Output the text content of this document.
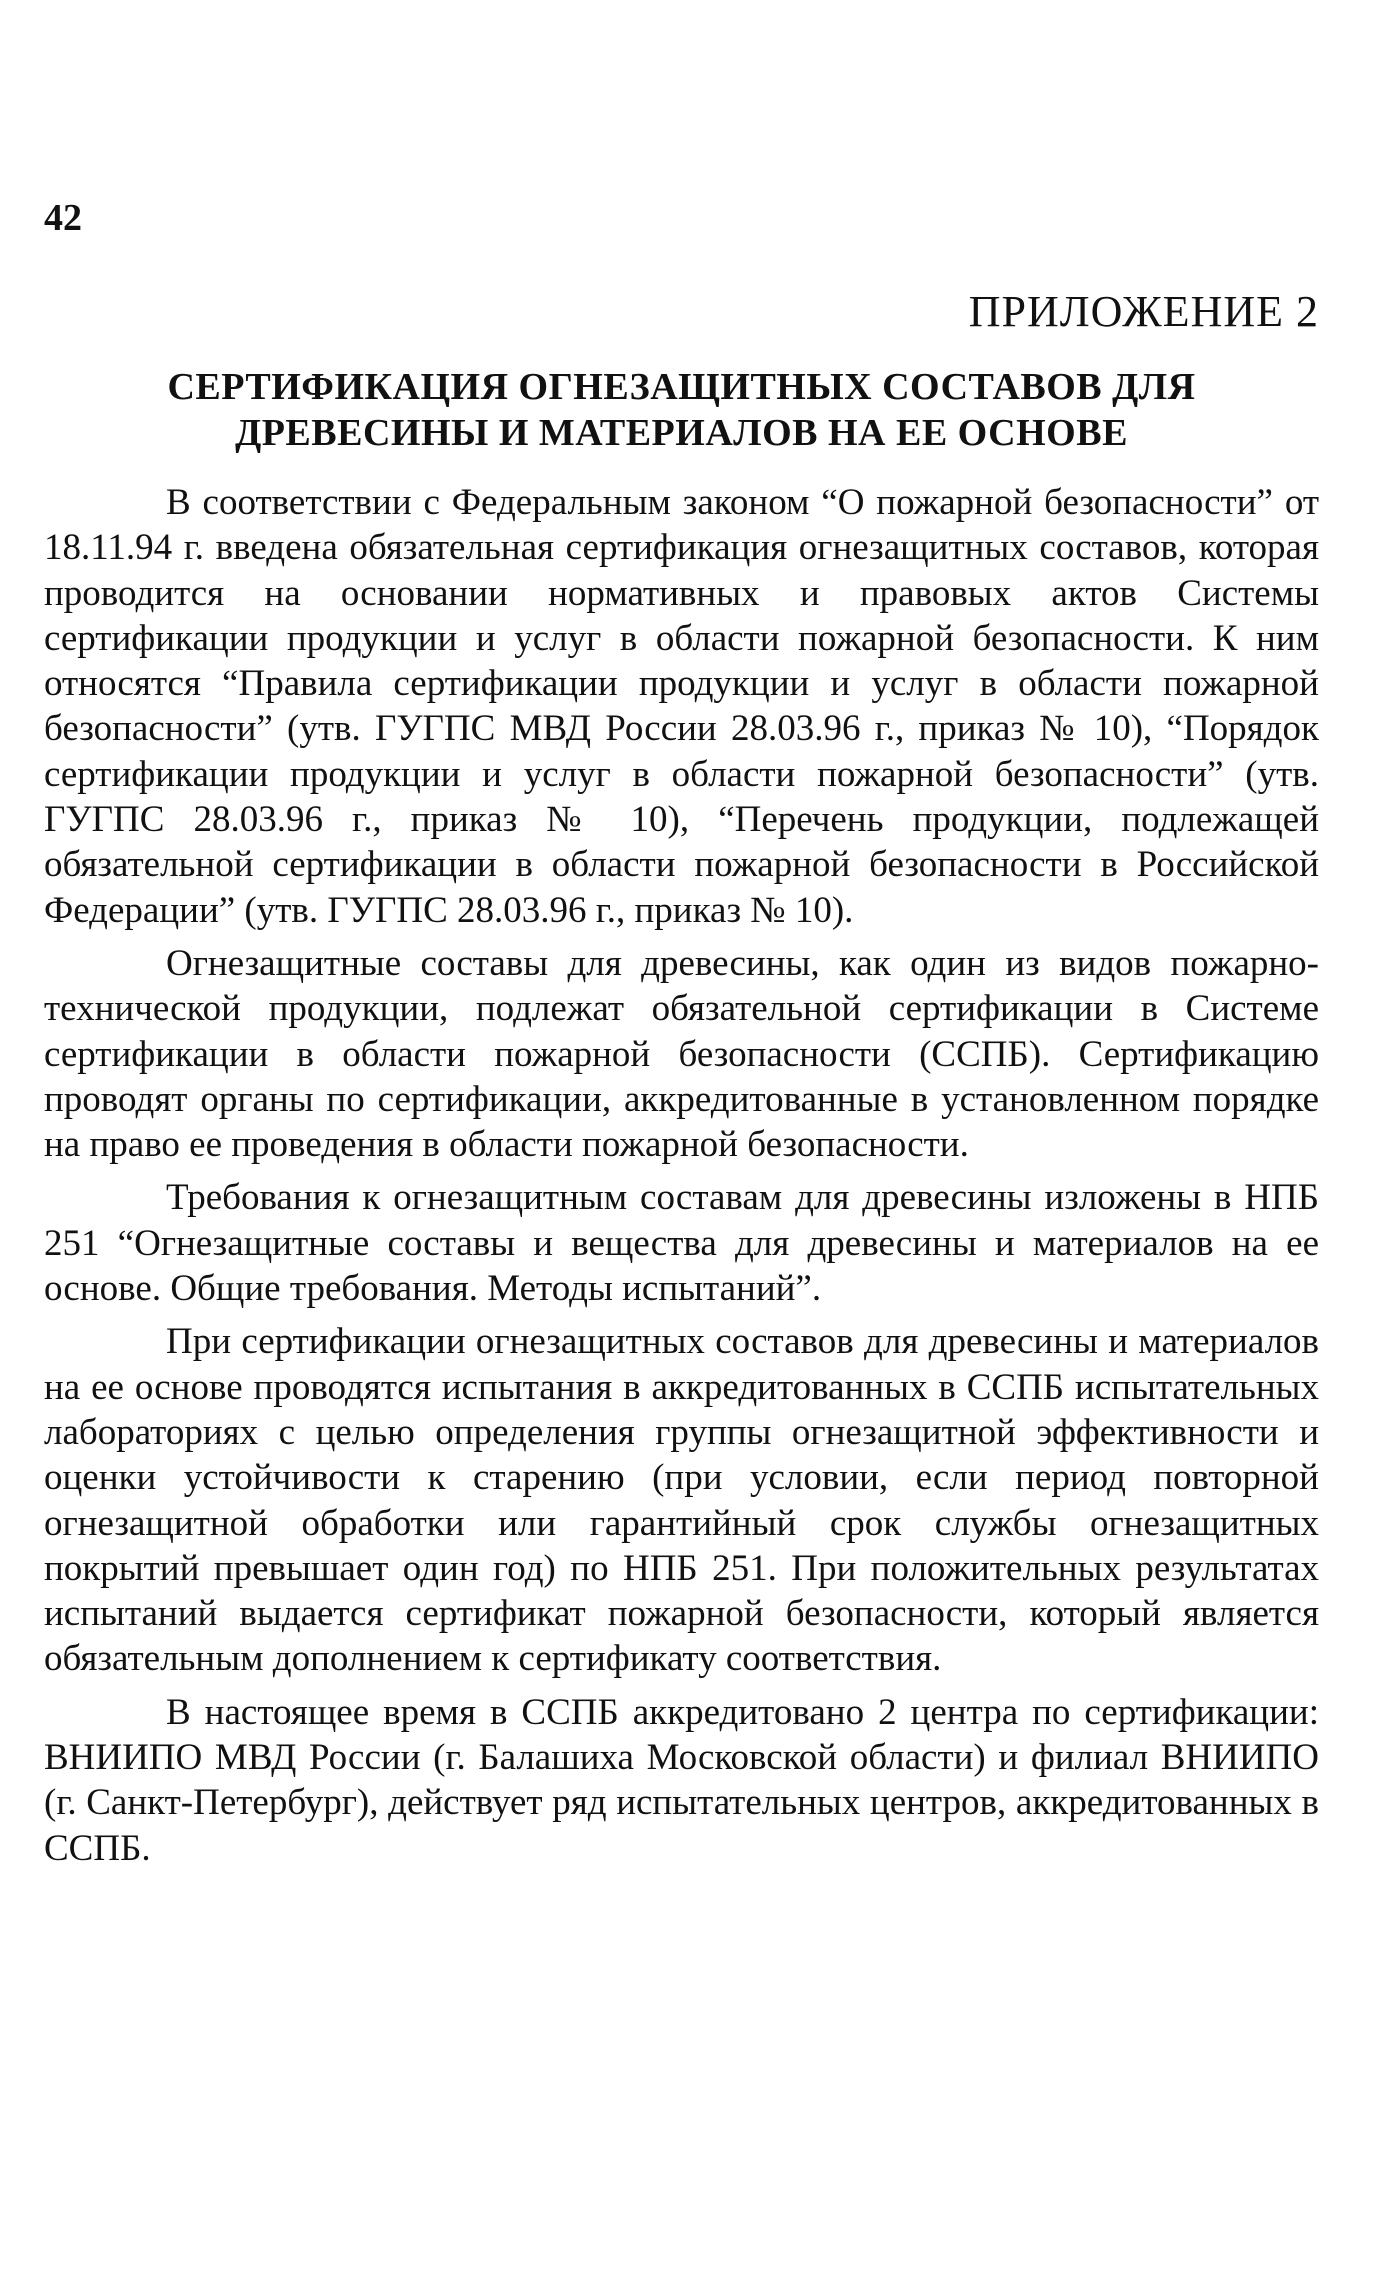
42
ПРИЛОЖЕНИЕ 2
СЕРТИФИКАЦИЯ ОГНЕЗАЩИТНЫХ СОСТАВОВ ДЛЯ
ДРЕВЕСИНЫ И МАТЕРИАЛОВ НА ЕЕ ОСНОВЕ

В соответствии с Федеральным законом “О пожарной безопасности” от 18.11.94 г. введена обязательная сертификация огнезащитных составов, которая проводится на основании нормативных и правовых актов Системы сертификации продукции и услуг в области пожарной безопасности. К ним относятся “Правила сертификации продукции и услуг в области пожарной безопасности” (утв. ГУГПС МВД России 28.03.96 г., приказ № 10), “Порядок сертификации продукции и услуг в области пожарной безопасности” (утв. ГУГПС 28.03.96 г., приказ № 10), “Перечень продукции, подлежащей обязательной сертификации в области пожарной безопасности в Российской Федерации” (утв. ГУГПС 28.03.96 г., приказ № 10).

Огнезащитные составы для древесины, как один из видов пожарно-технической продукции, подлежат обязательной сертификации в Системе сертификации в области пожарной безопасности (ССПБ). Сертификацию проводят органы по сертификации, аккредитованные в установленном порядке на право ее проведения в области пожарной безопасности.

Требования к огнезащитным составам для древесины изложены в НПБ 251 “Огнезащитные составы и вещества для древесины и материалов на ее основе. Общие требования. Методы испытаний”.

При сертификации огнезащитных составов для древесины и материалов на ее основе проводятся испытания в аккредитованных в ССПБ испытательных лабораториях с целью определения группы огнезащитной эффективности и оценки устойчивости к старению (при условии, если период повторной огнезащитной обработки или гарантийный срок службы огнезащитных покрытий превышает один год) по НПБ 251. При положительных результатах испытаний выдается сертификат пожарной безопасности, который является обязательным дополнением к сертификату соответствия.

В настоящее время в ССПБ аккредитовано 2 центра по сертификации: ВНИИПО МВД России (г. Балашиха Московской области) и филиал ВНИИПО (г. Санкт-Петербург), действует ряд испытательных центров, аккредитованных в ССПБ.
